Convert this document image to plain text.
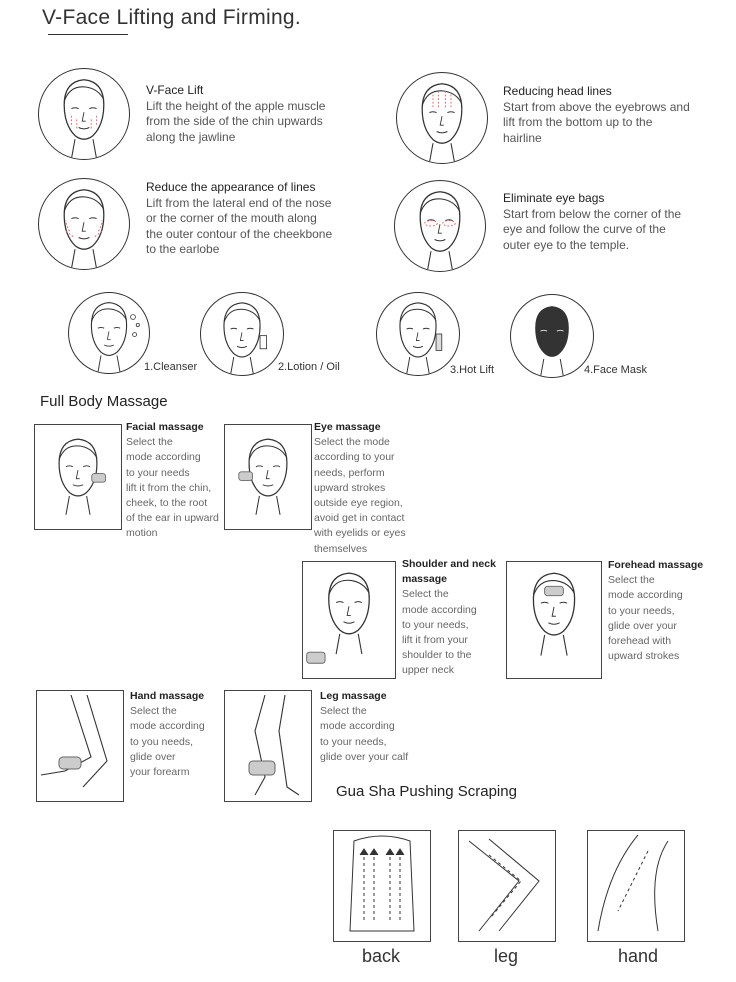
V-Face Lifting and Firming.
V-Face Lift
Lift the height of the apple muscle
from the side of the chin upwards
along the jawline
Reducing head lines
Start from above the eyebrows and
lift from the bottom up to the
hairline
Reduce the appearance of lines
Lift from the lateral end of the nose
or the corner of the mouth along
the outer contour of the cheekbone
to the earlobe
Eliminate eye bags
Start from below the corner of the
eye and follow the curve of the
outer eye to the temple.
1.Cleanser	2.Lotion / Oil	3.Hot Lift	4.Face Mask
Full Body Massage
Facial massage
Select the
mode according
to your needs
lift it from the chin,
cheek, to the root
of the ear in upward
motion
Eye massage
Select the mode
according to your
needs, perform
upward strokes
outside eye region,
avoid get in contact
with eyelids or eyes
themselves
Shoulder and neck
massage
Select the
mode according
to your needs,
lift it from your
shoulder to the
upper neck
Forehead massage
Select the
mode according
to your needs,
glide over your
forehead with
upward strokes
Hand massage
Select the
mode according
to you needs,
glide over
your forearm
Leg massage
Select the
mode according
to your needs,
glide over your calf
Gua Sha Pushing Scraping
back	leg	hand
